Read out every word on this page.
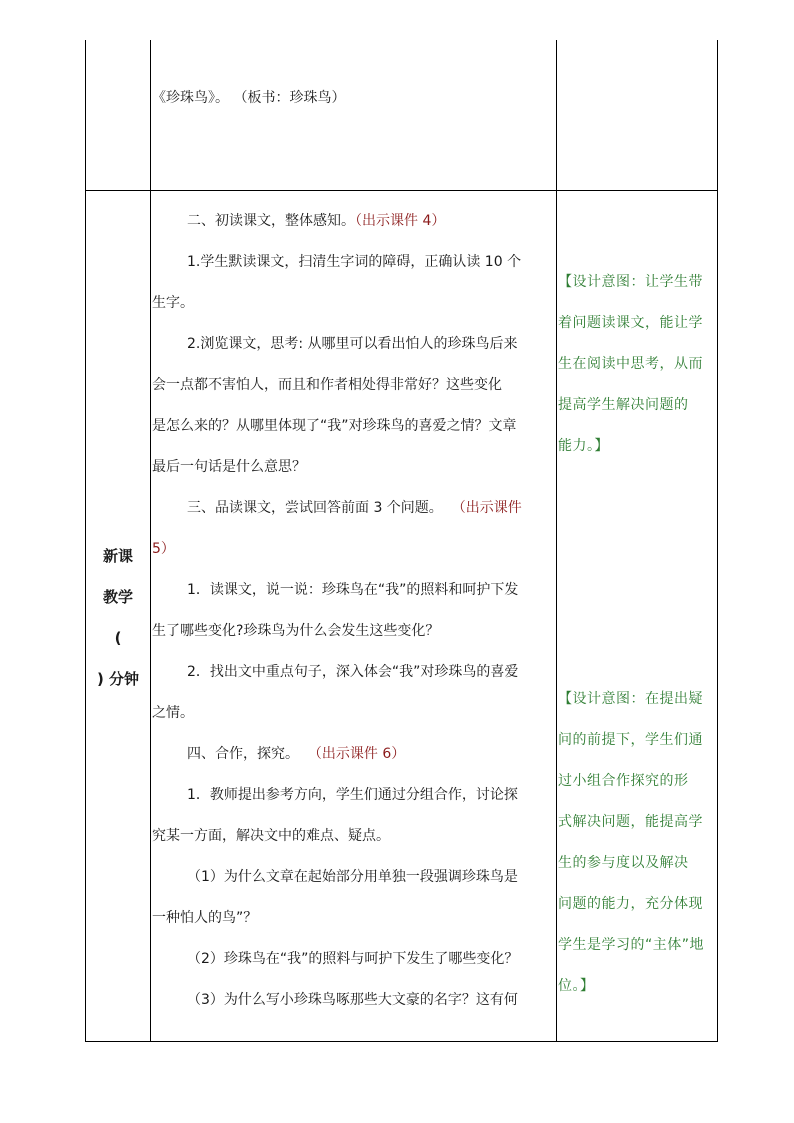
《珍珠鸟》。 （板书：珍珠鸟）
新课
教学
(
) 分钟
二、初读课文，整体感知。（出示课件 4）
1.学生默读课文，扫清生字词的障碍，正确认读 10 个
生字。
2.浏览课文，思考: 从哪里可以看出怕人的珍珠鸟后来
会一点都不害怕人，而且和作者相处得非常好？这些变化
是怎么来的？从哪里体现了“我”对珍珠鸟的喜爱之情？文章
最后一句话是什么意思？
三、品读课文，尝试回答前面 3 个问题。 （出示课件
5）
1．读课文，说一说：珍珠鸟在“我”的照料和呵护下发
生了哪些变化?珍珠鸟为什么会发生这些变化？
2．找出文中重点句子，深入体会“我”对珍珠鸟的喜爱
之情。
四、合作，探究。 （出示课件 6）
1．教师提出参考方向，学生们通过分组合作，讨论探
究某一方面，解决文中的难点、疑点。
（1）为什么文章在起始部分用单独一段强调珍珠鸟是
一种怕人的鸟”？
（2）珍珠鸟在“我”的照料与呵护下发生了哪些变化？
（3）为什么写小珍珠鸟啄那些大文豪的名字？这有何
【设计意图：让学生带
着问题读课文，能让学
生在阅读中思考，从而
提高学生解决问题的
能力。】
【设计意图：在提出疑
问的前提下，学生们通
过小组合作探究的形
式解决问题，能提高学
生的参与度以及解决
问题的能力，充分体现
学生是学习的“主体”地
位。】
